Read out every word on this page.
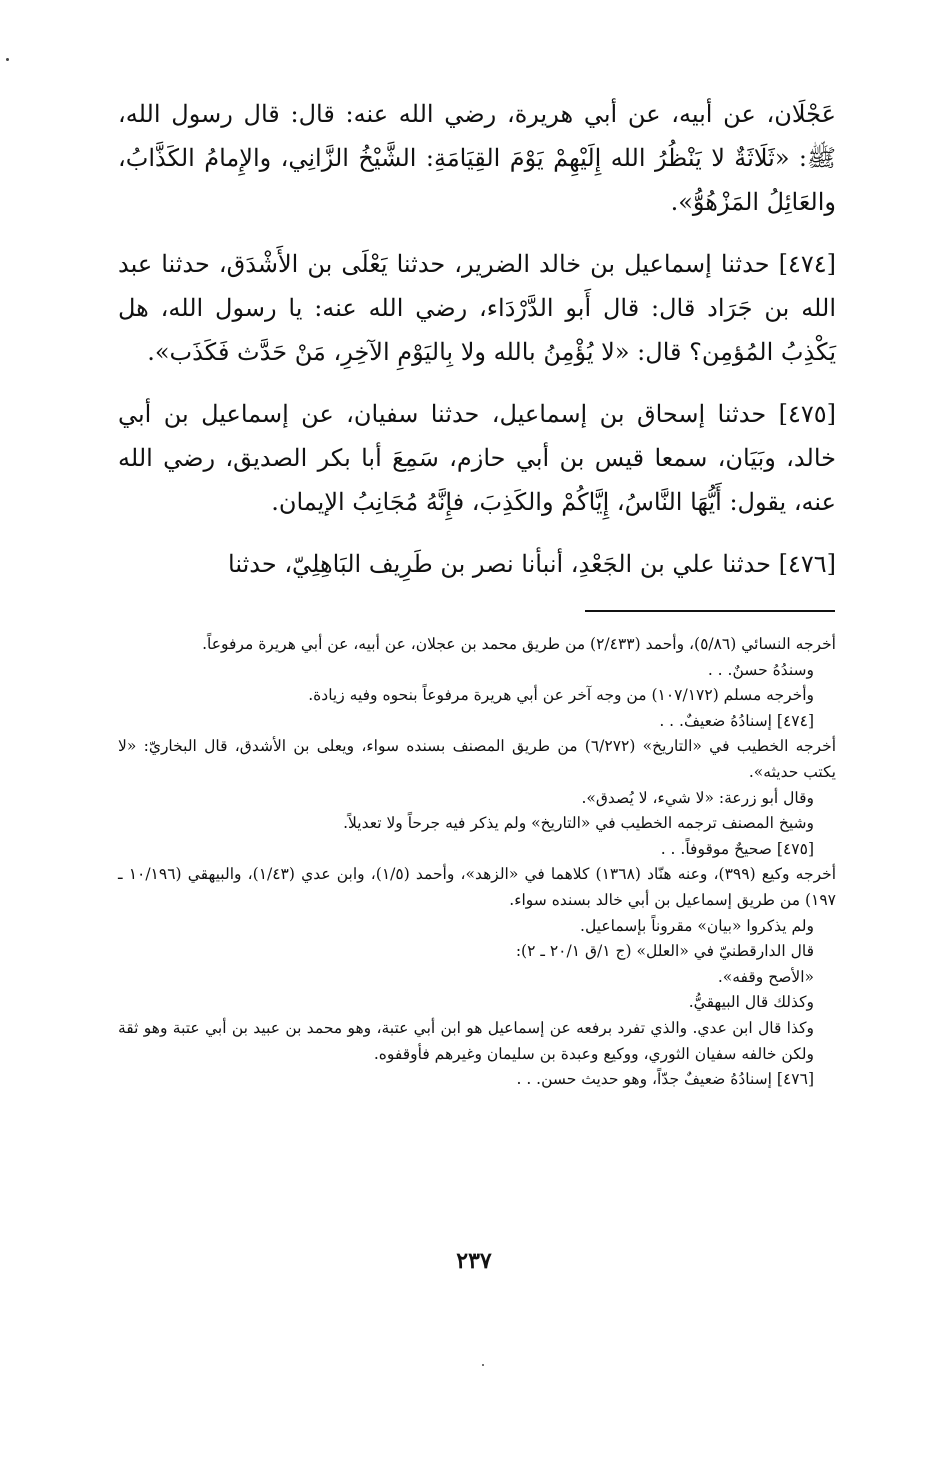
عَجْلَان، عن أبيه، عن أبي هريرة، رضي الله عنه: قال: قال رسول الله، ﷺ: «ثَلَاثَةٌ لا يَنْظُرُ الله إِلَيْهِمْ يَوْمَ القِيَامَةِ: الشَّيْخُ الزَّانِي، والإِمامُ الكَذَّابُ، والعَائِلُ المَزْهُوُّ».

[٤٧٤] حدثنا إسماعيل بن خالد الضرير، حدثنا يَعْلَى بن الأَشْدَق، حدثنا عبد الله بن جَرَاد قال: قال أَبو الدَّرْدَاء، رضي الله عنه: يا رسول الله، هل يَكْذِبُ المُؤمِن؟ قال: «لا يُؤْمِنُ بالله ولا بِاليَوْمِ الآخِرِ، مَنْ حَدَّث فَكَذَب».

[٤٧٥] حدثنا إسحاق بن إسماعيل، حدثنا سفيان، عن إسماعيل بن أبي خالد، وبَيَان، سمعا قيس بن أبي حازم، سَمِعَ أبا بكر الصديق، رضي الله عنه، يقول: أَيُّهَا النَّاسُ، إِيَّاكُمْ والكَذِبَ، فإِنَّهُ مُجَانِبُ الإيمان.

[٤٧٦] حدثنا علي بن الجَعْدِ، أنبأنا نصر بن طَرِيف البَاهِلِيّ، حدثنا

أخرجه النسائي (٥/٨٦)، وأحمد (٢/٤٣٣) من طريق محمد بن عجلان، عن أبيه، عن أبي هريرة مرفوعاً.

وسندُهُ حسنٌ. . .

وأخرجه مسلم (١٠٧/١٧٢) من وجه آخر عن أبي هريرة مرفوعاً بنحوه وفيه زيادة.

[٤٧٤] إسنادُهُ ضعيفٌ. . .

أخرجه الخطيب في «التاريخ» (٦/٢٧٢) من طريق المصنف بسنده سواء، ويعلى بن الأشدق، قال البخاريّ: «لا يكتب حديثه».

وقال أبو زرعة: «لا شيء، لا يُصدق».

وشيخ المصنف ترجمه الخطيب في «التاريخ» ولم يذكر فيه جرحاً ولا تعديلاً.

[٤٧٥] صحيحٌ موقوفاً. . .

أخرجه وكيع (٣٩٩)، وعنه هنّاد (١٣٦٨) كلاهما في «الزهد»، وأحمد (١/٥)، وابن عدي (١/٤٣)، والبيهقي (١٠/١٩٦ ـ ١٩٧) من طريق إسماعيل بن أبي خالد بسنده سواء.

ولم يذكروا «بيان» مقروناً بإسماعيل.

قال الدارقطنيّ في «العلل» (ج ١/ق ٢٠/١ ـ ٢):

«الأصح وقفه».

وكذلك قال البيهقيُّ.

وكذا قال ابن عدي. والذي تفرد برفعه عن إسماعيل هو ابن أبي عتبة، وهو محمد بن عبيد بن أبي عتبة وهو ثقة ولكن خالفه سفيان الثوري، ووكيع وعبدة بن سليمان وغيرهم فأوقفوه.

[٤٧٦] إسنادُهُ ضعيفٌ جدّاً، وهو حديث حسن. . .

٢٣٧
